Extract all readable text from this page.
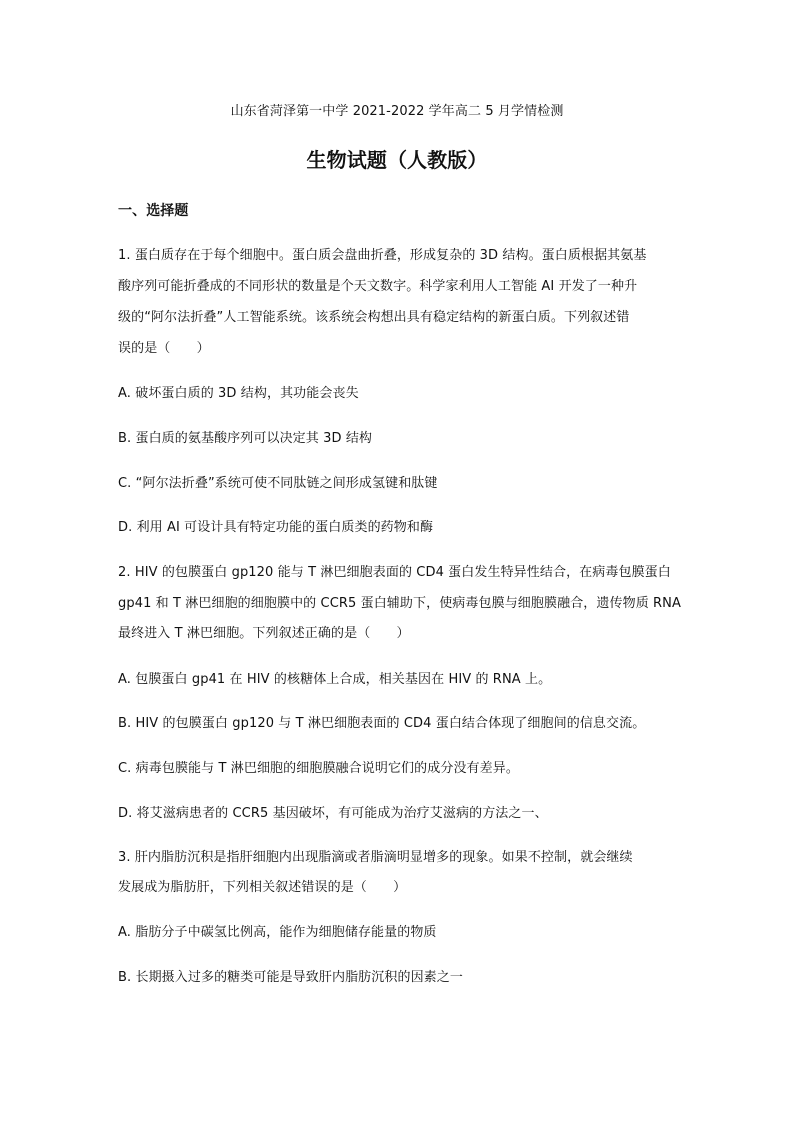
山东省菏泽第一中学 2021-2022 学年高二 5 月学情检测
生物试题（人教版）
一、选择题
1. 蛋白质存在于每个细胞中。蛋白质会盘曲折叠，形成复杂的 3D 结构。蛋白质根据其氨基
酸序列可能折叠成的不同形状的数量是个天文数字。科学家利用人工智能 AI 开发了一种升
级的“阿尔法折叠”人工智能系统。该系统会构想出具有稳定结构的新蛋白质。下列叙述错
误的是（　　）
A. 破坏蛋白质的 3D 结构，其功能会丧失
B. 蛋白质的氨基酸序列可以决定其 3D 结构
C. “阿尔法折叠”系统可使不同肽链之间形成氢键和肽键
D. 利用 AI 可设计具有特定功能的蛋白质类的药物和酶
2. HIV 的包膜蛋白 gp120 能与 T 淋巴细胞表面的 CD4 蛋白发生特异性结合，在病毒包膜蛋白
gp41 和 T 淋巴细胞的细胞膜中的 CCR5 蛋白辅助下，使病毒包膜与细胞膜融合，遗传物质 RNA
最终进入 T 淋巴细胞。下列叙述正确的是（　　）
A. 包膜蛋白 gp41 在 HIV 的核糖体上合成，相关基因在 HIV 的 RNA 上。
B. HIV 的包膜蛋白 gp120 与 T 淋巴细胞表面的 CD4 蛋白结合体现了细胞间的信息交流。
C. 病毒包膜能与 T 淋巴细胞的细胞膜融合说明它们的成分没有差异。
D. 将艾滋病患者的 CCR5 基因破坏，有可能成为治疗艾滋病的方法之一、
3. 肝内脂肪沉积是指肝细胞内出现脂滴或者脂滴明显增多的现象。如果不控制，就会继续
发展成为脂肪肝，下列相关叙述错误的是（　　）
A. 脂肪分子中碳氢比例高，能作为细胞储存能量的物质
B. 长期摄入过多的糖类可能是导致肝内脂肪沉积的因素之一
